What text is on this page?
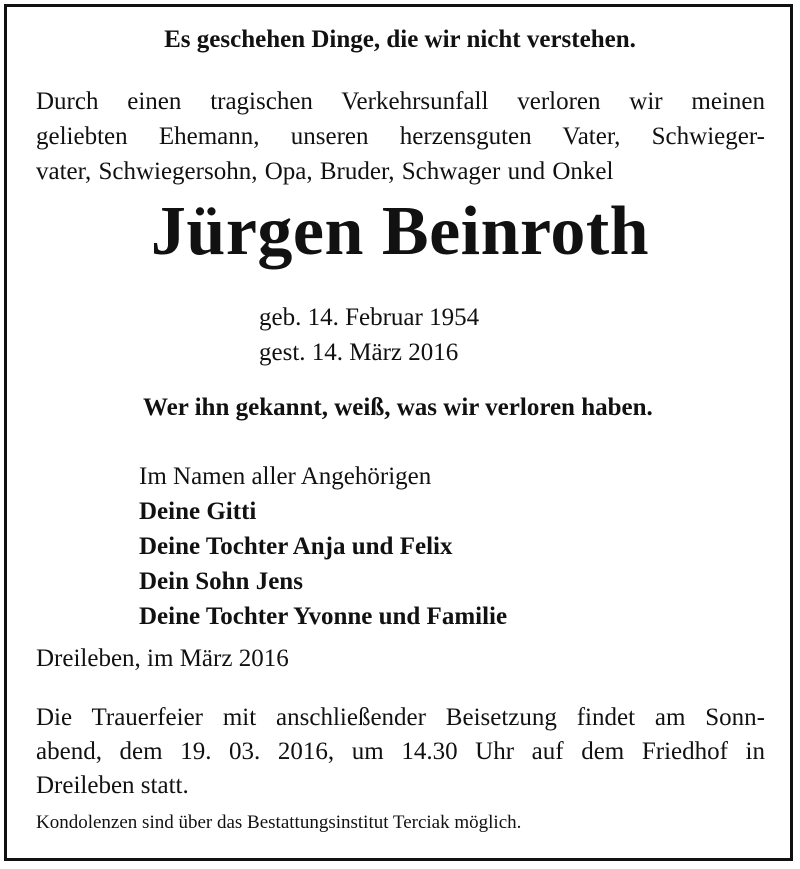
Es geschehen Dinge, die wir nicht verstehen.
Durch einen tragischen Verkehrsunfall verloren wir meinen
geliebten Ehemann, unseren herzensguten Vater, Schwieger-
vater, Schwiegersohn, Opa, Bruder, Schwager und Onkel
Jürgen Beinroth
geb. 14. Februar 1954
gest. 14. März 2016
Wer ihn gekannt, weiß, was wir verloren haben.
Im Namen aller Angehörigen
Deine Gitti
Deine Tochter Anja und Felix
Dein Sohn Jens
Deine Tochter Yvonne und Familie
Dreileben, im März 2016
Die Trauerfeier mit anschließender Beisetzung findet am Sonn-
abend, dem 19. 03. 2016, um 14.30 Uhr auf dem Friedhof in
Dreileben statt.
Kondolenzen sind über das Bestattungsinstitut Terciak möglich.
